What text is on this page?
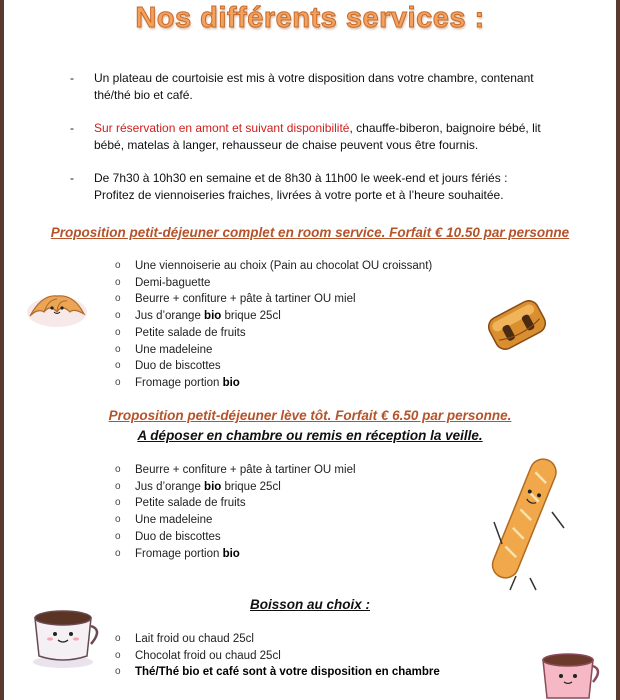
Nos différents services :
- Un plateau de courtoisie est mis à votre disposition dans votre chambre, contenant thé/thé bio et café.
- Sur réservation en amont et suivant disponibilité, chauffe-biberon, baignoire bébé, lit bébé, matelas à langer, rehausseur de chaise peuvent vous être fournis.
- De 7h30 à 10h30 en semaine et de 8h30 à 11h00 le week-end et jours fériés :
Profitez de viennoiseries fraiches, livrées à votre porte et à l’heure souhaitée.
Proposition petit-déjeuner complet en room service. Forfait € 10.50 par personne
o Une viennoiserie au choix (Pain au chocolat OU croissant)
o Demi-baguette
o Beurre + confiture + pâte à tartiner OU miel
o Jus d’orange bio brique 25cl
o Petite salade de fruits
o Une madeleine
o Duo de biscottes
o Fromage portion bio
Proposition petit-déjeuner lève tôt. Forfait € 6.50 par personne.
A déposer en chambre ou remis en réception la veille.
o Beurre + confiture + pâte à tartiner OU miel
o Jus d’orange bio brique 25cl
o Petite salade de fruits
o Une madeleine
o Duo de biscottes
o Fromage portion bio
Boisson au choix :
o Lait froid ou chaud 25cl
o Chocolat froid ou chaud 25cl
o Thé/Thé bio et café sont à votre disposition en chambre
